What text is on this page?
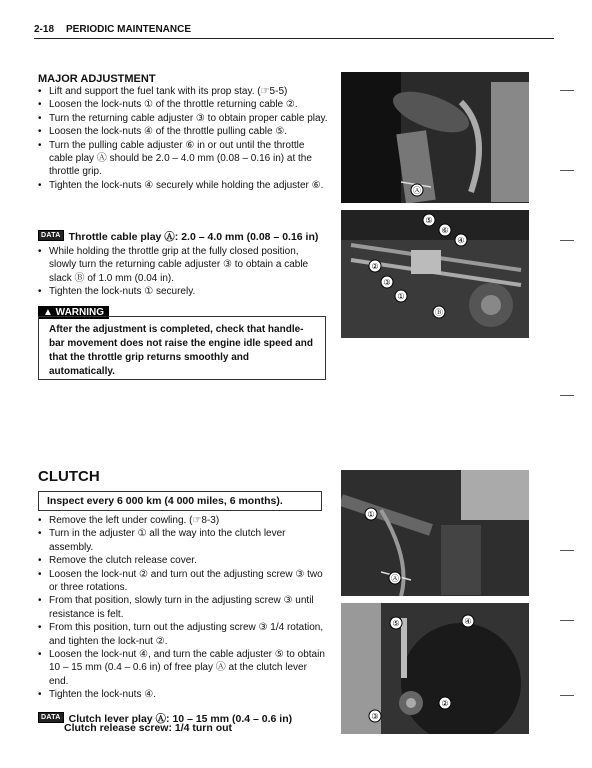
2-18 PERIODIC MAINTENANCE
MAJOR ADJUSTMENT
• Lift and support the fuel tank with its prop stay. (☞5-5)
• Loosen the lock-nuts ① of the throttle returning cable ②.
• Turn the returning cable adjuster ③ to obtain proper cable play.
• Loosen the lock-nuts ④ of the throttle pulling cable ⑤.
• Turn the pulling cable adjuster ⑥ in or out until the throttle cable play Ⓐ should be 2.0 – 4.0 mm (0.08 – 0.16 in) at the throttle grip.
• Tighten the lock-nuts ④ securely while holding the adjuster ⑥.
DATA Throttle cable play Ⓐ: 2.0 – 4.0 mm (0.08 – 0.16 in)
• While holding the throttle grip at the fully closed position, slowly turn the returning cable adjuster ③ to obtain a cable slack Ⓑ of 1.0 mm (0.04 in).
• Tighten the lock-nuts ① securely.
▲ WARNING
After the adjustment is completed, check that handle-bar movement does not raise the engine idle speed and that the throttle grip returns smoothly and automatically.
Ⓐ
⑤
⑥
④
②
③
①
Ⓑ
CLUTCH
Inspect every 6 000 km (4 000 miles, 6 months).
• Remove the left under cowling. (☞8-3)
• Turn in the adjuster ① all the way into the clutch lever assembly.
• Remove the clutch release cover.
• Loosen the lock-nut ② and turn out the adjusting screw ③ two or three rotations.
• From that position, slowly turn in the adjusting screw ③ until resistance is felt.
• From this position, turn out the adjusting screw ③ 1/4 rotation, and tighten the lock-nut ②.
• Loosen the lock-nut ④, and turn the cable adjuster ⑤ to obtain 10 – 15 mm (0.4 – 0.6 in) of free play Ⓐ at the clutch lever end.
• Tighten the lock-nuts ④.
DATA Clutch lever play Ⓐ: 10 – 15 mm (0.4 – 0.6 in)
Clutch release screw: 1/4 turn out
①
Ⓐ
⑤	④
②
③
